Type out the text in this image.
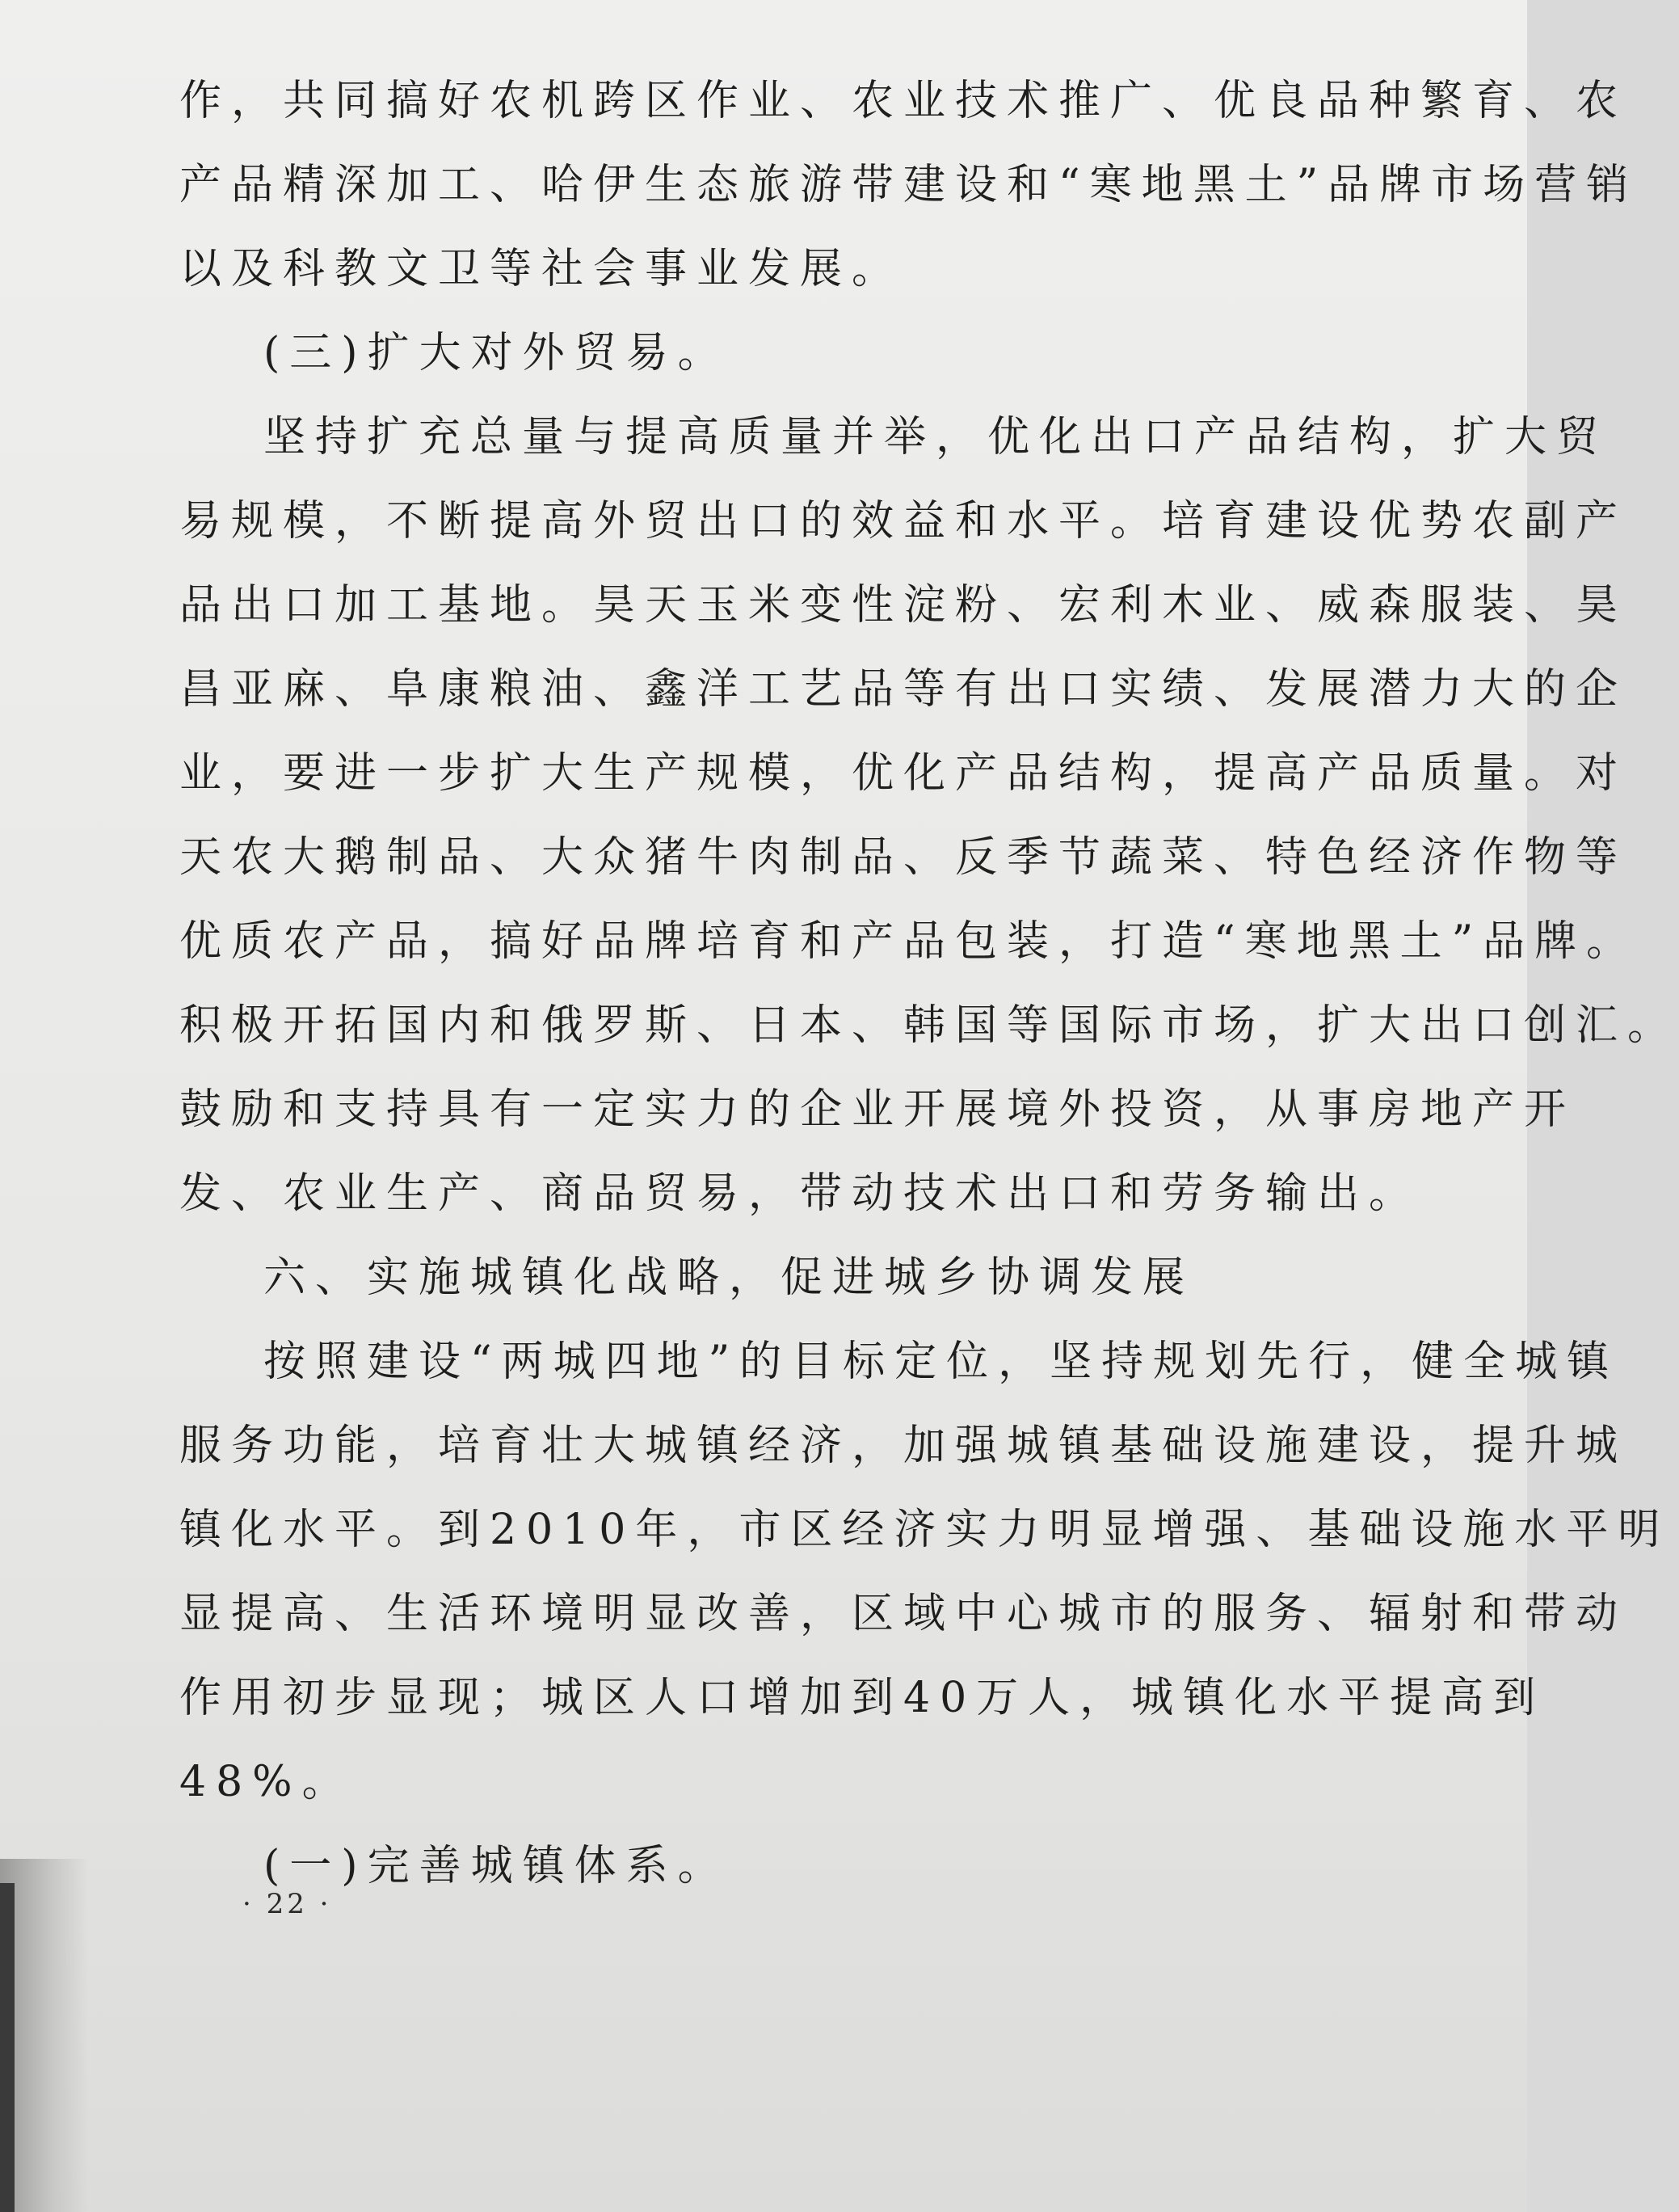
作，共同搞好农机跨区作业、农业技术推广、优良品种繁育、农
产品精深加工、哈伊生态旅游带建设和“寒地黑土”品牌市场营销
以及科教文卫等社会事业发展。
(三)扩大对外贸易。
坚持扩充总量与提高质量并举，优化出口产品结构，扩大贸
易规模，不断提高外贸出口的效益和水平。培育建设优势农副产
品出口加工基地。昊天玉米变性淀粉、宏利木业、威森服装、昊
昌亚麻、阜康粮油、鑫洋工艺品等有出口实绩、发展潜力大的企
业，要进一步扩大生产规模，优化产品结构，提高产品质量。对
天农大鹅制品、大众猪牛肉制品、反季节蔬菜、特色经济作物等
优质农产品，搞好品牌培育和产品包装，打造“寒地黑土”品牌。
积极开拓国内和俄罗斯、日本、韩国等国际市场，扩大出口创汇。
鼓励和支持具有一定实力的企业开展境外投资，从事房地产开
发、农业生产、商品贸易，带动技术出口和劳务输出。
六、实施城镇化战略，促进城乡协调发展
按照建设“两城四地”的目标定位，坚持规划先行，健全城镇
服务功能，培育壮大城镇经济，加强城镇基础设施建设，提升城
镇化水平。到2010年，市区经济实力明显增强、基础设施水平明
显提高、生活环境明显改善，区域中心城市的服务、辐射和带动
作用初步显现；城区人口增加到40万人，城镇化水平提高到
48%。
(一)完善城镇体系。
· 22 ·
